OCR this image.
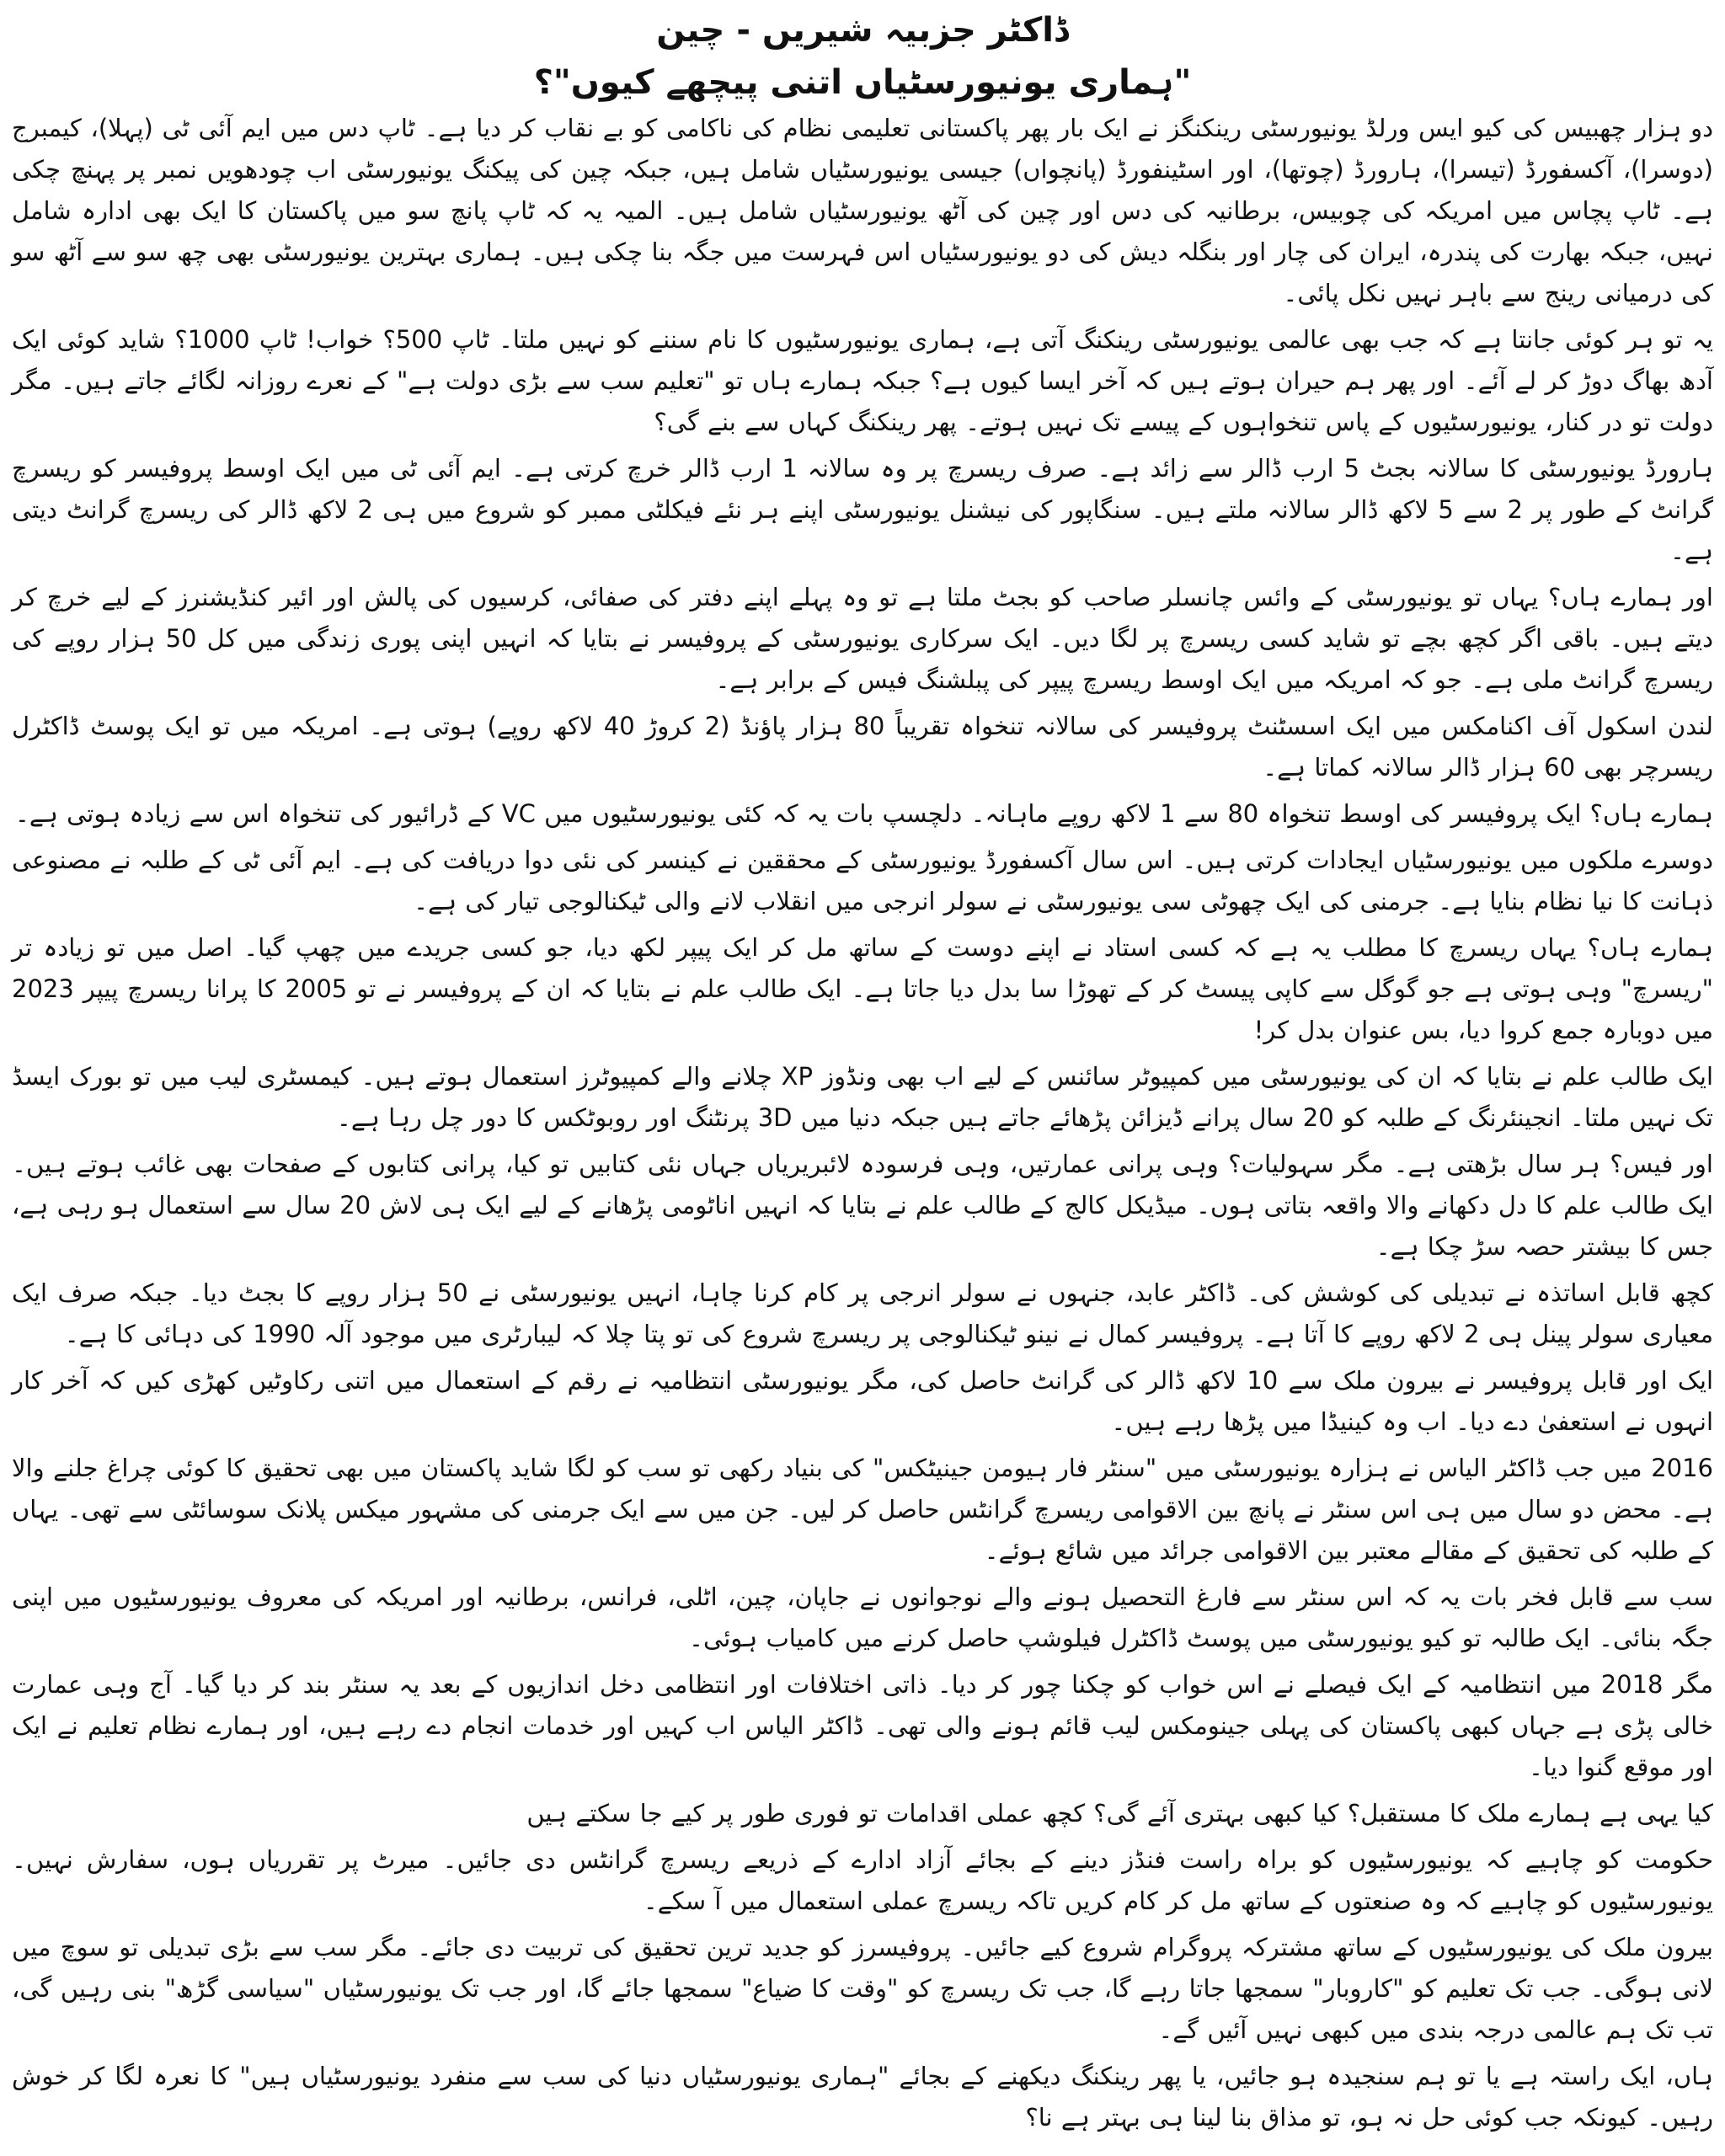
ڈاکٹر جزبیہ شیریں - چین
"ہماری یونیورسٹیاں اتنی پیچھے کیوں"؟

دو ہزار چھبیس کی کیو ایس ورلڈ یونیورسٹی رینکنگز نے ایک بار پھر پاکستانی تعلیمی نظام کی ناکامی کو بے نقاب کر دیا ہے۔ ٹاپ دس میں ایم آئی ٹی (پہلا)، کیمبرج (دوسرا)، آکسفورڈ (تیسرا)، ہارورڈ (چوتھا)، اور اسٹینفورڈ (پانچواں) جیسی یونیورسٹیاں شامل ہیں، جبکہ چین کی پیکنگ یونیورسٹی اب چودھویں نمبر پر پہنچ چکی ہے۔ ٹاپ پچاس میں امریکہ کی چوبیس، برطانیہ کی دس اور چین کی آٹھ یونیورسٹیاں شامل ہیں۔ المیہ یہ کہ ٹاپ پانچ سو میں پاکستان کا ایک بھی ادارہ شامل نہیں، جبکہ بھارت کی پندرہ، ایران کی چار اور بنگلہ دیش کی دو یونیورسٹیاں اس فہرست میں جگہ بنا چکی ہیں۔ ہماری بہترین یونیورسٹی بھی چھ سو سے آٹھ سو کی درمیانی رینج سے باہر نہیں نکل پائی۔

یہ تو ہر کوئی جانتا ہے کہ جب بھی عالمی یونیورسٹی رینکنگ آتی ہے، ہماری یونیورسٹیوں کا نام سننے کو نہیں ملتا۔ ٹاپ 500؟ خواب! ٹاپ 1000؟ شاید کوئی ایک آدھ بھاگ دوڑ کر لے آئے۔ اور پھر ہم حیران ہوتے ہیں کہ آخر ایسا کیوں ہے؟ جبکہ ہمارے ہاں تو "تعلیم سب سے بڑی دولت ہے" کے نعرے روزانہ لگائے جاتے ہیں۔ مگر دولت تو در کنار، یونیورسٹیوں کے پاس تنخواہوں کے پیسے تک نہیں ہوتے۔ پھر رینکنگ کہاں سے بنے گی؟

ہارورڈ یونیورسٹی کا سالانہ بجٹ 5 ارب ڈالر سے زائد ہے۔ صرف ریسرچ پر وہ سالانہ 1 ارب ڈالر خرچ کرتی ہے۔ ایم آئی ٹی میں ایک اوسط پروفیسر کو ریسرچ گرانٹ کے طور پر 2 سے 5 لاکھ ڈالر سالانہ ملتے ہیں۔ سنگاپور کی نیشنل یونیورسٹی اپنے ہر نئے فیکلٹی ممبر کو شروع میں ہی 2 لاکھ ڈالر کی ریسرچ گرانٹ دیتی ہے۔

اور ہمارے ہاں؟ یہاں تو یونیورسٹی کے وائس چانسلر صاحب کو بجٹ ملتا ہے تو وہ پہلے اپنے دفتر کی صفائی، کرسیوں کی پالش اور ائیر کنڈیشنرز کے لیے خرچ کر دیتے ہیں۔ باقی اگر کچھ بچے تو شاید کسی ریسرچ پر لگا دیں۔ ایک سرکاری یونیورسٹی کے پروفیسر نے بتایا کہ انہیں اپنی پوری زندگی میں کل 50 ہزار روپے کی ریسرچ گرانٹ ملی ہے۔ جو کہ امریکہ میں ایک اوسط ریسرچ پیپر کی پبلشنگ فیس کے برابر ہے۔

لندن اسکول آف اکنامکس میں ایک اسسٹنٹ پروفیسر کی سالانہ تنخواہ تقریباً 80 ہزار پاؤنڈ (2 کروڑ 40 لاکھ روپے) ہوتی ہے۔ امریکہ میں تو ایک پوسٹ ڈاکٹرل ریسرچر بھی 60 ہزار ڈالر سالانہ کماتا ہے۔

ہمارے ہاں؟ ایک پروفیسر کی اوسط تنخواہ 80 سے 1 لاکھ روپے ماہانہ۔ دلچسپ بات یہ کہ کئی یونیورسٹیوں میں VC کے ڈرائیور کی تنخواہ اس سے زیادہ ہوتی ہے۔

دوسرے ملکوں میں یونیورسٹیاں ایجادات کرتی ہیں۔ اس سال آکسفورڈ یونیورسٹی کے محققین نے کینسر کی نئی دوا دریافت کی ہے۔ ایم آئی ٹی کے طلبہ نے مصنوعی ذہانت کا نیا نظام بنایا ہے۔ جرمنی کی ایک چھوٹی سی یونیورسٹی نے سولر انرجی میں انقلاب لانے والی ٹیکنالوجی تیار کی ہے۔

ہمارے ہاں؟ یہاں ریسرچ کا مطلب یہ ہے کہ کسی استاد نے اپنے دوست کے ساتھ مل کر ایک پیپر لکھ دیا، جو کسی جریدے میں چھپ گیا۔ اصل میں تو زیادہ تر "ریسرچ" وہی ہوتی ہے جو گوگل سے کاپی پیسٹ کر کے تھوڑا سا بدل دیا جاتا ہے۔ ایک طالب علم نے بتایا کہ ان کے پروفیسر نے تو 2005 کا پرانا ریسرچ پیپر 2023 میں دوبارہ جمع کروا دیا، بس عنوان بدل کر!

ایک طالب علم نے بتایا کہ ان کی یونیورسٹی میں کمپیوٹر سائنس کے لیے اب بھی ونڈوز XP چلانے والے کمپیوٹرز استعمال ہوتے ہیں۔ کیمسٹری لیب میں تو بورک ایسڈ تک نہیں ملتا۔ انجینئرنگ کے طلبہ کو 20 سال پرانے ڈیزائن پڑھائے جاتے ہیں جبکہ دنیا میں 3D پرنٹنگ اور روبوٹکس کا دور چل رہا ہے۔

اور فیس؟ ہر سال بڑھتی ہے۔ مگر سہولیات؟ وہی پرانی عمارتیں، وہی فرسودہ لائبریریاں جہاں نئی کتابیں تو کیا، پرانی کتابوں کے صفحات بھی غائب ہوتے ہیں۔ ایک طالب علم کا دل دکھانے والا واقعہ بتاتی ہوں۔ میڈیکل کالج کے طالب علم نے بتایا کہ انہیں اناٹومی پڑھانے کے لیے ایک ہی لاش 20 سال سے استعمال ہو رہی ہے، جس کا بیشتر حصہ سڑ چکا ہے۔

کچھ قابل اساتذہ نے تبدیلی کی کوشش کی۔ ڈاکٹر عابد، جنہوں نے سولر انرجی پر کام کرنا چاہا، انہیں یونیورسٹی نے 50 ہزار روپے کا بجٹ دیا۔ جبکہ صرف ایک معیاری سولر پینل ہی 2 لاکھ روپے کا آتا ہے۔ پروفیسر کمال نے نینو ٹیکنالوجی پر ریسرچ شروع کی تو پتا چلا کہ لیبارٹری میں موجود آلہ 1990 کی دہائی کا ہے۔

ایک اور قابل پروفیسر نے بیرون ملک سے 10 لاکھ ڈالر کی گرانٹ حاصل کی، مگر یونیورسٹی انتظامیہ نے رقم کے استعمال میں اتنی رکاوٹیں کھڑی کیں کہ آخر کار انہوں نے استعفیٰ دے دیا۔ اب وہ کینیڈا میں پڑھا رہے ہیں۔

2016 میں جب ڈاکٹر الیاس نے ہزارہ یونیورسٹی میں "سنٹر فار ہیومن جینیٹکس" کی بنیاد رکھی تو سب کو لگا شاید پاکستان میں بھی تحقیق کا کوئی چراغ جلنے والا ہے۔ محض دو سال میں ہی اس سنٹر نے پانچ بین الاقوامی ریسرچ گرانٹس حاصل کر لیں۔ جن میں سے ایک جرمنی کی مشہور میکس پلانک سوسائٹی سے تھی۔ یہاں کے طلبہ کی تحقیق کے مقالے معتبر بین الاقوامی جرائد میں شائع ہوئے۔

سب سے قابل فخر بات یہ کہ اس سنٹر سے فارغ التحصیل ہونے والے نوجوانوں نے جاپان، چین، اٹلی، فرانس، برطانیہ اور امریکہ کی معروف یونیورسٹیوں میں اپنی جگہ بنائی۔ ایک طالبہ تو کیو یونیورسٹی میں پوسٹ ڈاکٹرل فیلوشپ حاصل کرنے میں کامیاب ہوئی۔

مگر 2018 میں انتظامیہ کے ایک فیصلے نے اس خواب کو چکنا چور کر دیا۔ ذاتی اختلافات اور انتظامی دخل اندازیوں کے بعد یہ سنٹر بند کر دیا گیا۔ آج وہی عمارت خالی پڑی ہے جہاں کبھی پاکستان کی پہلی جینومکس لیب قائم ہونے والی تھی۔ ڈاکٹر الیاس اب کہیں اور خدمات انجام دے رہے ہیں، اور ہمارے نظام تعلیم نے ایک اور موقع گنوا دیا۔

کیا یہی ہے ہمارے ملک کا مستقبل؟ کیا کبھی بہتری آئے گی؟ کچھ عملی اقدامات تو فوری طور پر کیے جا سکتے ہیں

حکومت کو چاہیے کہ یونیورسٹیوں کو براہ راست فنڈز دینے کے بجائے آزاد ادارے کے ذریعے ریسرچ گرانٹس دی جائیں۔ میرٹ پر تقرریاں ہوں، سفارش نہیں۔ یونیورسٹیوں کو چاہیے کہ وہ صنعتوں کے ساتھ مل کر کام کریں تاکہ ریسرچ عملی استعمال میں آ سکے۔

بیرون ملک کی یونیورسٹیوں کے ساتھ مشترکہ پروگرام شروع کیے جائیں۔ پروفیسرز کو جدید ترین تحقیق کی تربیت دی جائے۔ مگر سب سے بڑی تبدیلی تو سوچ میں لانی ہوگی۔ جب تک تعلیم کو "کاروبار" سمجھا جاتا رہے گا، جب تک ریسرچ کو "وقت کا ضیاع" سمجھا جائے گا، اور جب تک یونیورسٹیاں "سیاسی گڑھ" بنی رہیں گی، تب تک ہم عالمی درجہ بندی میں کبھی نہیں آئیں گے۔

ہاں، ایک راستہ ہے یا تو ہم سنجیدہ ہو جائیں، یا پھر رینکنگ دیکھنے کے بجائے "ہماری یونیورسٹیاں دنیا کی سب سے منفرد یونیورسٹیاں ہیں" کا نعرہ لگا کر خوش رہیں۔ کیونکہ جب کوئی حل نہ ہو، تو مذاق بنا لینا ہی بہتر ہے نا؟
